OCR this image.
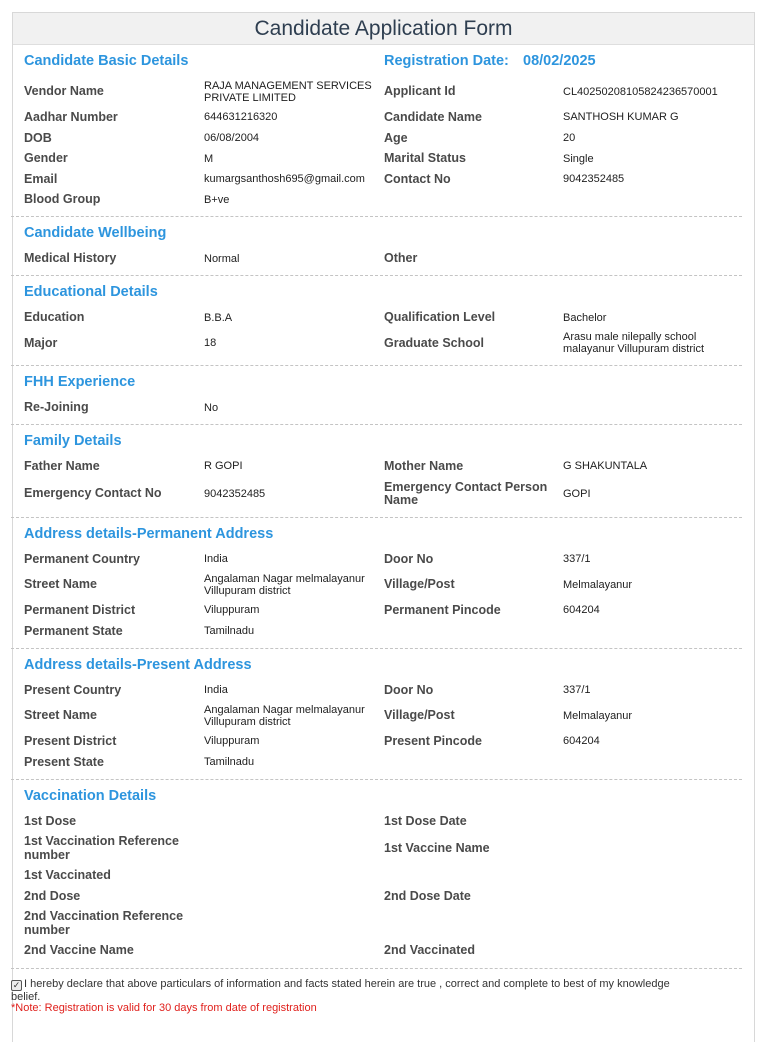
Candidate Application Form
Candidate Basic Details	Registration Date: 08/02/2025
Vendor Name	RAJA MANAGEMENT SERVICES
PRIVATE LIMITED	Applicant Id	CL40250208105824236570001
Aadhar Number	644631216320	Candidate Name	SANTHOSH KUMAR G
DOB	06/08/2004	Age	20
Gender	M	Marital Status	Single
Email	kumargsanthosh695@gmail.com Contact No	9042352485
Blood Group	B+ve
Candidate Wellbeing
Medical History	Normal	Other
Educational Details
Education	B.B.A	Qualification Level	Bachelor
Major	18	Graduate School	Arasu male nilepally school
malayanur Villupuram district
FHH Experience
Re-Joining	No
Family Details
Father Name	R GOPI	Mother Name	G SHAKUNTALA
Emergency Contact No	9042352485	Emergency Contact Person
Name	GOPI
Address details-Permanent Address
Permanent Country	India	Door No	337/1
Street Name	Angalaman Nagar melmalayanur
Villupuram district	Village/Post	Melmalayanur
Permanent District	Viluppuram	Permanent Pincode	604204
Permanent State	Tamilnadu
Address details-Present Address
Present Country	India	Door No	337/1
Street Name	Angalaman Nagar melmalayanur
Villupuram district	Village/Post	Melmalayanur
Present District	Viluppuram	Present Pincode	604204
Present State	Tamilnadu
Vaccination Details
1st Dose	1st Dose Date
1st Vaccination Reference
number	1st Vaccine Name
1st Vaccinated
2nd Dose	2nd Dose Date
2nd Vaccination Reference
number
2nd Vaccine Name	2nd Vaccinated
✓ I hereby declare that above particulars of information and facts stated herein are true , correct and complete to best of my knowledge
belief.
*Note: Registration is valid for 30 days from date of registration
